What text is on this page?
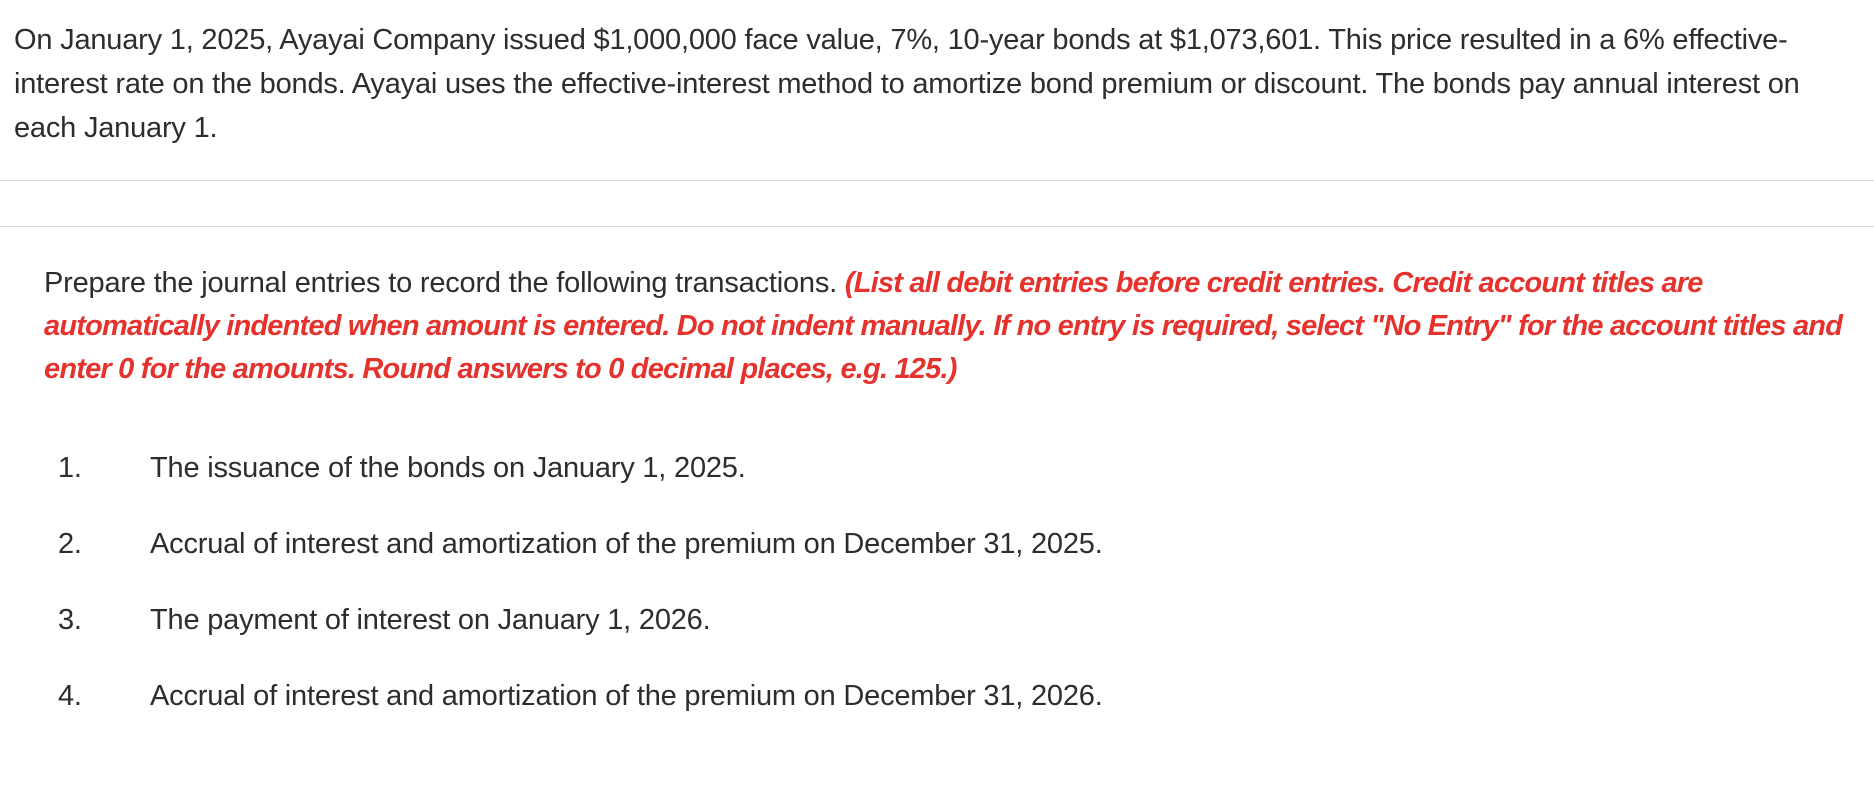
On January 1, 2025, Ayayai Company issued $1,000,000 face value, 7%, 10-year bonds at $1,073,601. This price resulted in a 6% effective-interest rate on the bonds. Ayayai uses the effective-interest method to amortize bond premium or discount. The bonds pay annual interest on each January 1.

Prepare the journal entries to record the following transactions. (List all debit entries before credit entries. Credit account titles are automatically indented when amount is entered. Do not indent manually. If no entry is required, select "No Entry" for the account titles and enter 0 for the amounts. Round answers to 0 decimal places, e.g. 125.)

1.	The issuance of the bonds on January 1, 2025.
2.	Accrual of interest and amortization of the premium on December 31, 2025.
3.	The payment of interest on January 1, 2026.
4.	Accrual of interest and amortization of the premium on December 31, 2026.
